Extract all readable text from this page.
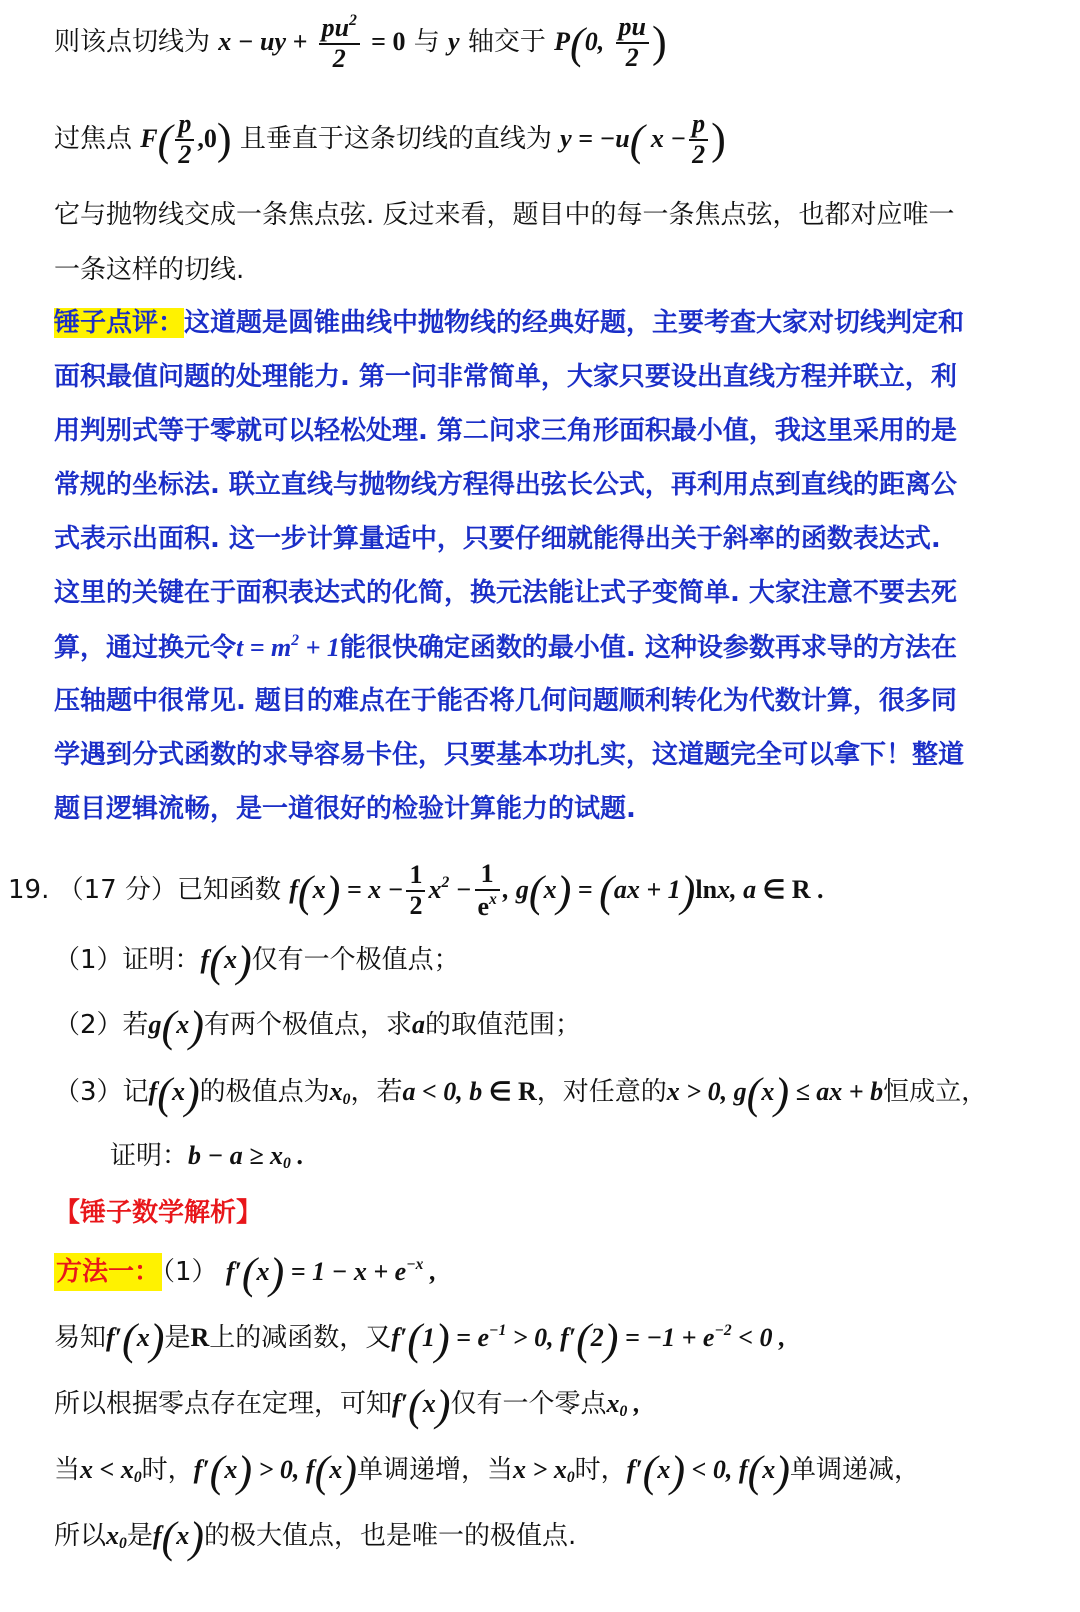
则该点切线为 x − uy + $\frac{pu^2}{2} = 0$ 与 y 轴交于 P(0, $\frac{pu}{2}$ )
过焦点 $F( \frac{p}{2} ,0)$ 且垂直于这条切线的直线为 y = −u( $x - \frac{p}{2}$ )
它与抛物线交成一条焦点弦. 反过来看，题目中的每一条焦点弦，也都对应唯一
一条这样的切线.
锤子点评：这道题是圆锥曲线中抛物线的经典好题，主要考查大家对切线判定和
面积最值问题的处理能力. 第一问非常简单，大家只要设出直线方程并联立，利
用判别式等于零就可以轻松处理. 第二问求三角形面积最小值，我这里采用的是
常规的坐标法. 联立直线与抛物线方程得出弦长公式，再利用点到直线的距离公
式表示出面积. 这一步计算量适中，只要仔细就能得出关于斜率的函数表达式.
这里的关键在于面积表达式的化简，换元法能让式子变简单. 大家注意不要去死
算，通过换元令$t = m^2 + 1$能很快确定函数的最小值. 这种设参数再求导的方法在
压轴题中很常见. 题目的难点在于能否将几何问题顺利转化为代数计算，很多同
学遇到分式函数的求导容易卡住，只要基本功扎实，这道题完全可以拿下！整道
题目逻辑流畅，是一道很好的检验计算能力的试题.
19. （17 分）已知函数 $f(x) = x - \frac{1}{2} x^2 - \frac{1}{e^x}$ , g(x) = (ax + 1)lnx, a ∈ R .
（1）证明：f(x)仅有一个极值点；
（2）若g(x)有两个极值点，求a的取值范围；
（3）记f(x)的极值点为$x_0$，若a < 0, b ∈ R，对任意的x > 0, g(x) ≤ ax + b恒成立，
证明：$b - a \ge x_0$ .
【锤子数学解析】
方法一：（1） $f'(x) = 1 - x + e^{-x}$ ,
易知f′(x)是R上的减函数，又$f'(1) = e^{-1} > 0$, $f'(2) = -1 + e^{-2} < 0$ ,
所以根据零点存在定理，可知f′(x)仅有一个零点$x_0$ ,
当$x < x_0$时，f′(x) > 0, f(x)单调递增，当$x > x_0$时，f′(x) < 0, f(x)单调递减，
所以$x_0$是f(x)的极大值点，也是唯一的极值点.
